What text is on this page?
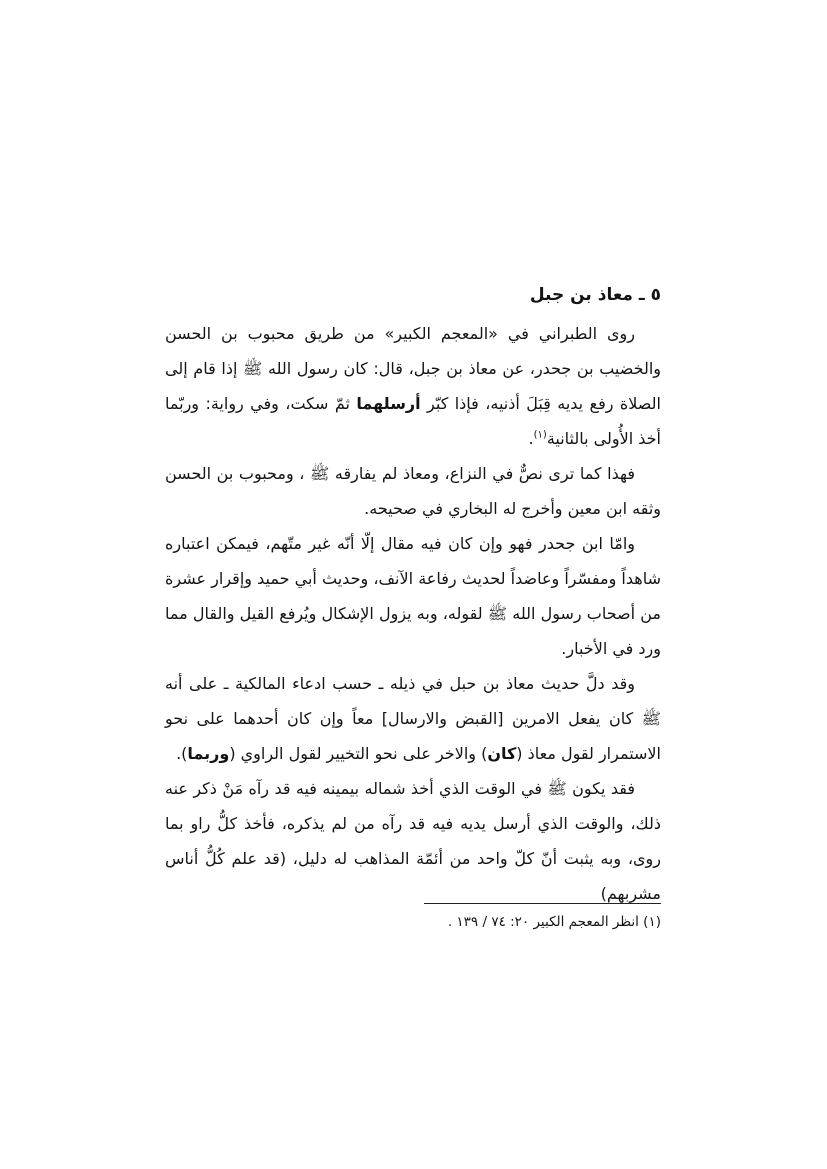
٥ ـ معاذ بن جبل

روى الطبراني في «المعجم الكبير» من طريق محبوب بن الحسن والخضيب بن جحدر، عن معاذ بن جبل، قال: كان رسول الله ﷺ إذا قام إلى الصلاة رفع يديه قِبَلَ أذنيه، فإذا كبّر أرسلهما ثمّ سكت، وفي رواية: وربّما أخذ الأُولى بالثانية$^{(١)}$.

فهذا كما ترى نصٌّ في النزاع، ومعاذ لم يفارقه ﷺ ، ومحبوب بن الحسن وثقه ابن معين وأخرج له البخاري في صحيحه.

وامّا ابن جحدر فهو وإن كان فيه مقال إلّا أنّه غير متّهم، فيمكن اعتباره شاهداً ومفسّراً وعاضداً لحديث رفاعة الآنف، وحديث أبي حميد وإقرار عشرة من أصحاب رسول الله ﷺ لقوله، وبه يزول الإشكال ويُرفع القيل والقال مما ورد في الأخبار.

وقد دلَّ حديث معاذ بن حبل في ذيله ـ حسب ادعاء المالكية ـ على أنه ﷺ كان يفعل الامرين [القبض والارسال] معاً وإن كان أحدهما على نحو الاستمرار لقول معاذ (كان) والاخر على نحو التخيير لقول الراوي (وربما).

فقد يكون ﷺ في الوقت الذي أخذ شماله بيمينه فيه قد رآه مَنْ ذكر عنه ذلك، والوقت الذي أرسل يديه فيه قد رآه من لم يذكره، فأخذ كلُّ راو بما روى، وبه يثبت أنّ كلّ واحد من أئمّة المذاهب له دليل، (قد علم كُلُّ أناس مشربهم)

(١) انظر المعجم الكبير ٢٠: ٧٤ / ١٣٩ .
